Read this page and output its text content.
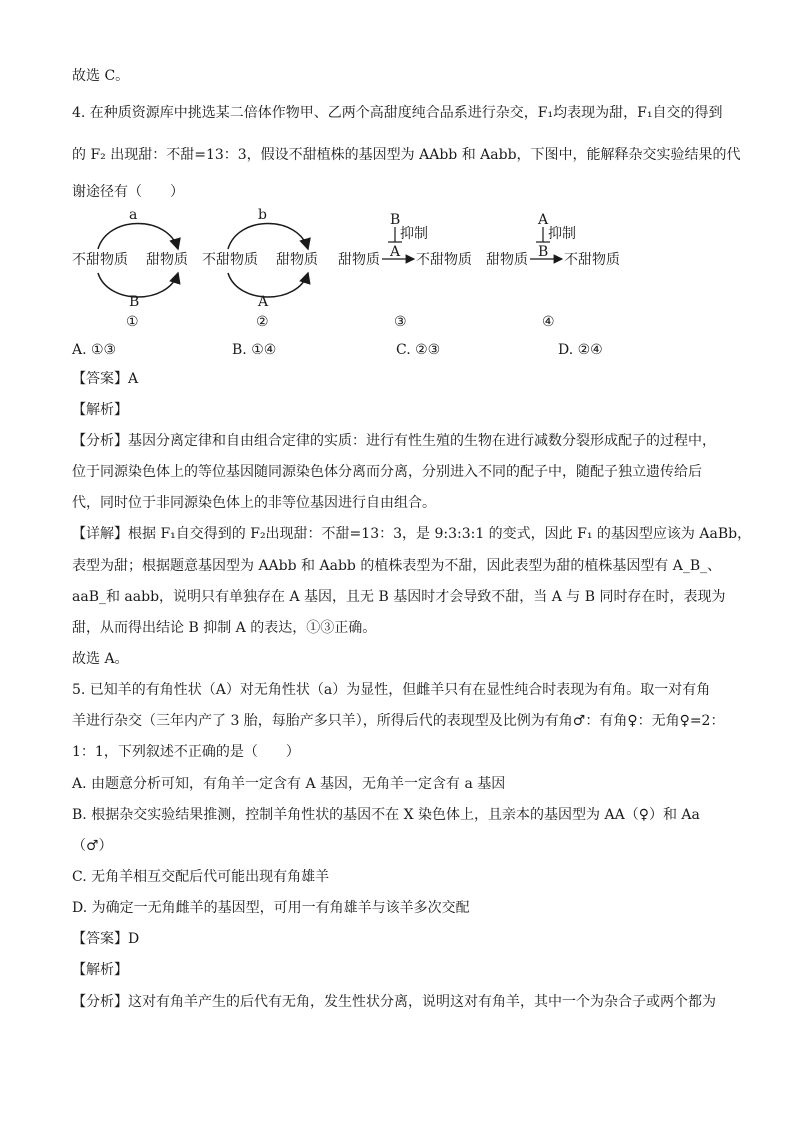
故选 C。
4. 在种质资源库中挑选某二倍体作物甲、乙两个高甜度纯合品系进行杂交，F₁均表现为甜，F₁自交的得到
的 F₂ 出现甜：不甜=13：3，假设不甜植株的基因型为 AAbb 和 Aabb，下图中，能解释杂交实验结果的代
谢途径有（　　）
a
不甜物质 甜物质
B
①
b
不甜物质 甜物质
A
②
B
抑制
A
甜物质	不甜物质
③
A
抑制
B
甜物质	不甜物质
④
A. ①③	B. ①④	C. ②③	D. ②④
【答案】A
【解析】
【分析】基因分离定律和自由组合定律的实质：进行有性生殖的生物在进行减数分裂形成配子的过程中，
位于同源染色体上的等位基因随同源染色体分离而分离，分别进入不同的配子中，随配子独立遗传给后
代，同时位于非同源染色体上的非等位基因进行自由组合。
【详解】根据 F₁自交得到的 F₂出现甜：不甜=13：3，是 9:3:3:1 的变式，因此 F₁ 的基因型应该为 AaBb，
表型为甜；根据题意基因型为 AAbb 和 Aabb 的植株表型为不甜，因此表型为甜的植株基因型有 A_B_、
aaB_和 aabb，说明只有单独存在 A 基因，且无 B 基因时才会导致不甜，当 A 与 B 同时存在时，表现为
甜，从而得出结论 B 抑制 A 的表达，①③正确。
故选 A。
5. 已知羊的有角性状（A）对无角性状（a）为显性，但雌羊只有在显性纯合时表现为有角。取一对有角
羊进行杂交（三年内产了 3 胎，每胎产多只羊），所得后代的表现型及比例为有角♂：有角♀：无角♀=2：
1：1，下列叙述不正确的是（　　）
A. 由题意分析可知，有角羊一定含有 A 基因，无角羊一定含有 a 基因
B. 根据杂交实验结果推测，控制羊角性状的基因不在 X 染色体上，且亲本的基因型为 AA（♀）和 Aa
（♂）
C. 无角羊相互交配后代可能出现有角雄羊
D. 为确定一无角雌羊的基因型，可用一有角雄羊与该羊多次交配
【答案】D
【解析】
【分析】这对有角羊产生的后代有无角，发生性状分离，说明这对有角羊，其中一个为杂合子或两个都为
